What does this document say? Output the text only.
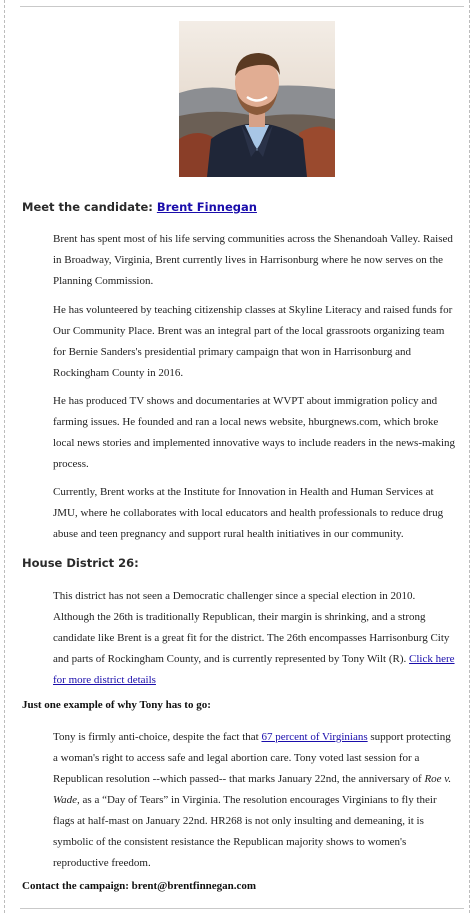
Meet the candidate: Brent Finnegan
Brent has spent most of his life serving communities across the Shenandoah Valley. Raised in Broadway, Virginia, Brent currently lives in Harrisonburg where he now serves on the Planning Commission.
He has volunteered by teaching citizenship classes at Skyline Literacy and raised funds for Our Community Place. Brent was an integral part of the local grassroots organizing team for Bernie Sanders's presidential primary campaign that won in Harrisonburg and Rockingham County in 2016.
He has produced TV shows and documentaries at WVPT about immigration policy and farming issues. He founded and ran a local news website, hburgnews.com, which broke local news stories and implemented innovative ways to include readers in the news-making process.
Currently, Brent works at the Institute for Innovation in Health and Human Services at JMU, where he collaborates with local educators and health professionals to reduce drug abuse and teen pregnancy and support rural health initiatives in our community.
House District 26:
This district has not seen a Democratic challenger since a special election in 2010. Although the 26th is traditionally Republican, their margin is shrinking, and a strong candidate like Brent is a great fit for the district. The 26th encompasses Harrisonburg City and parts of Rockingham County, and is currently represented by Tony Wilt (R). Click here for more district details
Just one example of why Tony has to go:
Tony is firmly anti-choice, despite the fact that 67 percent of Virginians support protecting a woman's right to access safe and legal abortion care. Tony voted last session for a Republican resolution --which passed-- that marks January 22nd, the anniversary of Roe v. Wade, as a “Day of Tears” in Virginia. The resolution encourages Virginians to fly their flags at half-mast on January 22nd. HR268 is not only insulting and demeaning, it is symbolic of the consistent resistance the Republican majority shows to women's reproductive freedom.
Contact the campaign: brent@brentfinnegan.com
